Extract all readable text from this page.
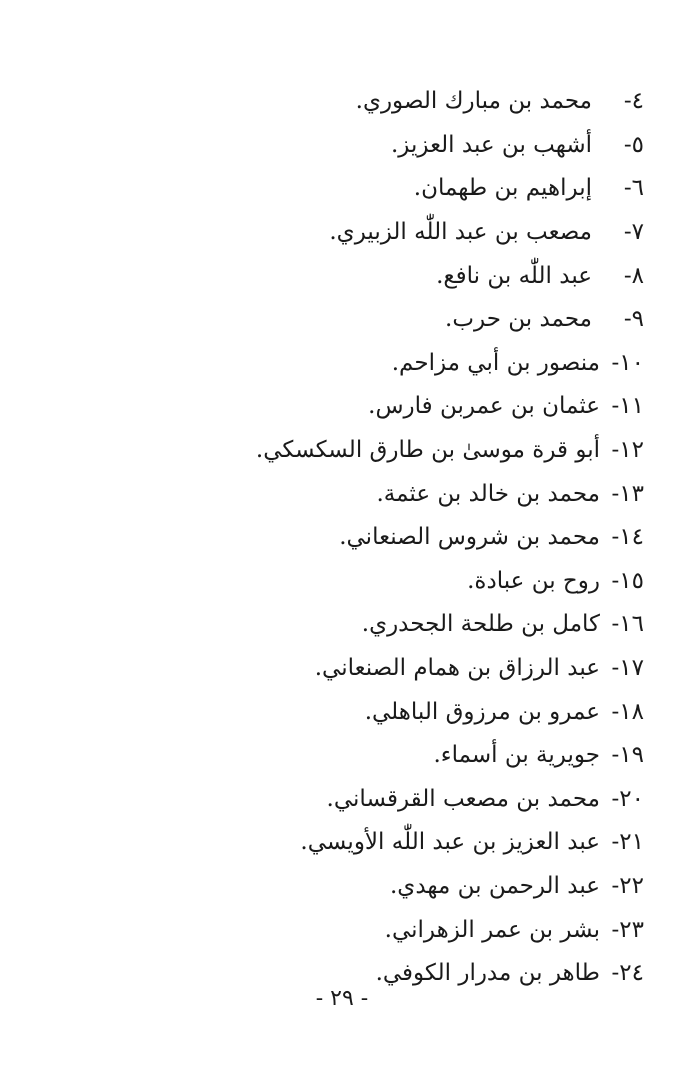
٤-
محمد بن مبارك الصوري.
٥-
أشهب بن عبد العزيز.
٦-
إبراهيم بن طهمان.
٧-
مصعب بن عبد اللّٰه الزبيري.
٨-
عبد اللّٰه بن نافع.
٩-
محمد بن حرب.
١٠-
منصور بن أبي مزاحم.
١١-
عثمان بن عمربن فارس.
١٢-
أبو قرة موسىٰ بن طارق السكسكي.
١٣-
محمد بن خالد بن عثمة.
١٤-
محمد بن شروس الصنعاني.
١٥-
روح بن عبادة.
١٦-
كامل بن طلحة الجحدري.
١٧-
عبد الرزاق بن همام الصنعاني.
١٨-
عمرو بن مرزوق الباهلي.
١٩-
جويرية بن أسماء.
٢٠-
محمد بن مصعب القرقساني.
٢١-
عبد العزيز بن عبد اللّٰه الأويسي.
٢٢-
عبد الرحمن بن مهدي.
٢٣-
بشر بن عمر الزهراني.
٢٤-
طاهر بن مدرار الكوفي.
- ٢٩ -
